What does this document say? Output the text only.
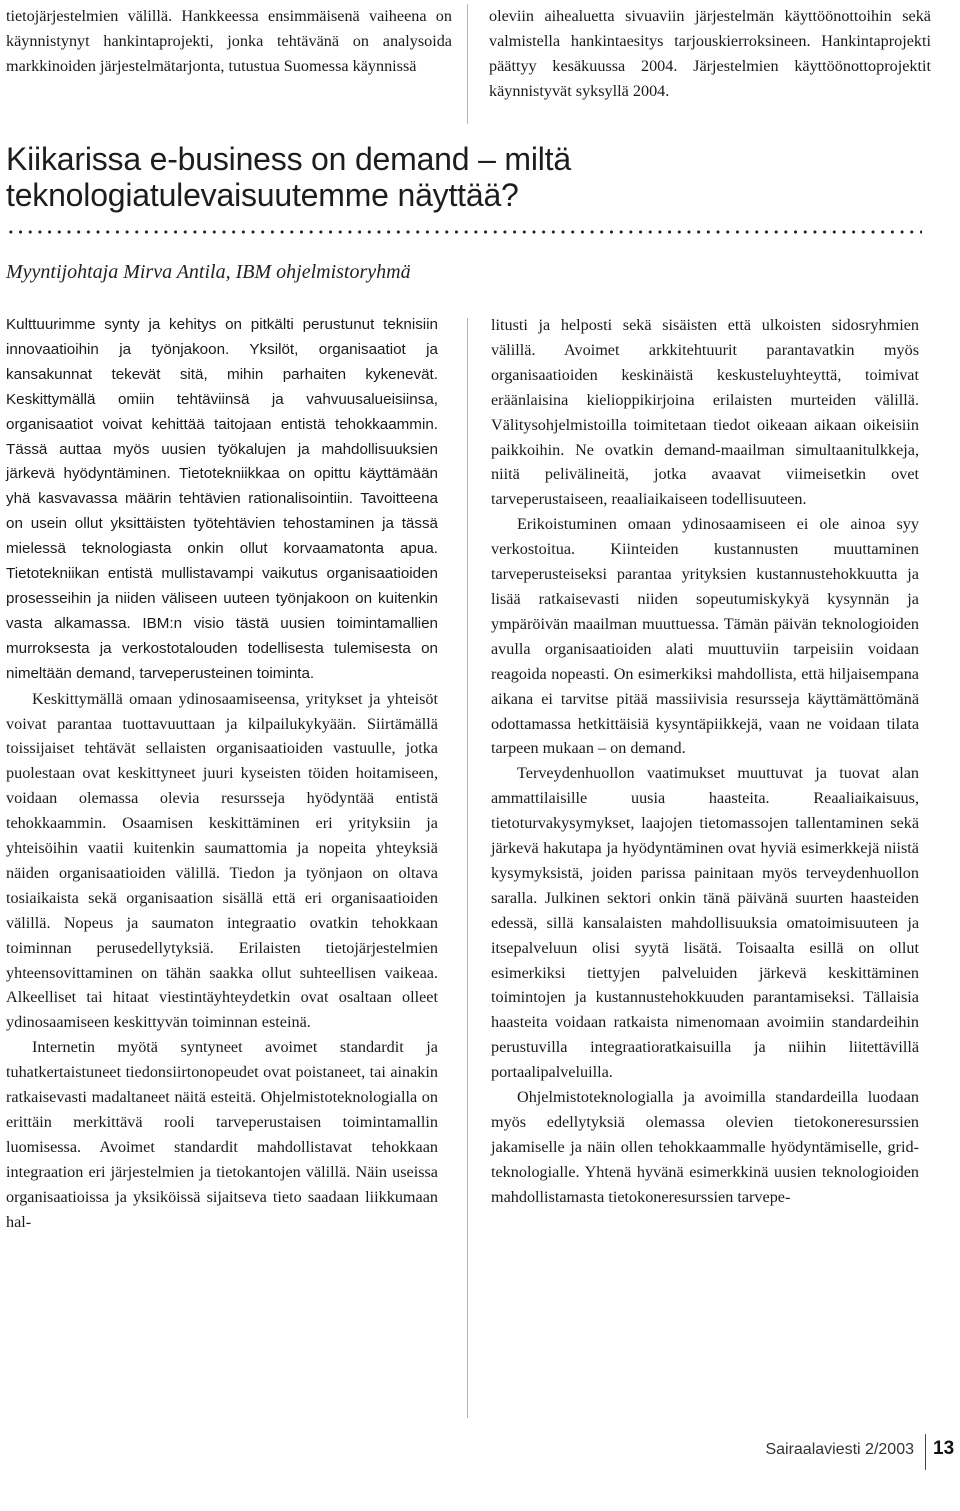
tietojärjestelmien välillä. Hankkeessa ensimmäisenä vaiheena on käynnistynyt hankintaprojekti, jonka tehtävänä on analysoida markkinoiden järjestelmätarjonta, tutustua Suomessa käynnissä

oleviin aihealuetta sivuaviin järjestelmän käyttöönottoihin sekä valmistella hankintaesitys tarjouskierroksineen. Hankintaprojekti päättyy kesäkuussa 2004. Järjestelmien käyttöönottoprojektit käynnistyvät syksyllä 2004.

Kiikarissa e-business on demand – miltä teknologiatulevaisuutemme näyttää?

Myyntijohtaja Mirva Antila, IBM ohjelmistoryhmä

Kulttuurimme synty ja kehitys on pitkälti perustunut teknisiin innovaatioihin ja työnjakoon. Yksilöt, organisaatiot ja kansakunnat tekevät sitä, mihin parhaiten kykenevät. Keskittymällä omiin tehtäviinsä ja vahvuusalueisiinsa, organisaatiot voivat kehittää taitojaan entistä tehokkaammin. Tässä auttaa myös uusien työkalujen ja mahdollisuuksien järkevä hyödyntäminen. Tietotekniikkaa on opittu käyttämään yhä kasvavassa määrin tehtävien rationalisointiin. Tavoitteena on usein ollut yksittäisten työtehtävien tehostaminen ja tässä mielessä teknologiasta onkin ollut korvaamatonta apua. Tietotekniikan entistä mullistavampi vaikutus organisaatioiden prosesseihin ja niiden väliseen uuteen työnjakoon on kuitenkin vasta alkamassa. IBM:n visio tästä uusien toimintamallien murroksesta ja verkostotalouden todellisesta tulemisesta on nimeltään demand, tarveperusteinen toiminta.

Keskittymällä omaan ydinosaamiseensa, yritykset ja yhteisöt voivat parantaa tuottavuuttaan ja kilpailukykyään. Siirtämällä toissijaiset tehtävät sellaisten organisaatioiden vastuulle, jotka puolestaan ovat keskittyneet juuri kyseisten töiden hoitamiseen, voidaan olemassa olevia resursseja hyödyntää entistä tehokkaammin. Osaamisen keskittäminen eri yrityksiin ja yhteisöihin vaatii kuitenkin saumattomia ja nopeita yhteyksiä näiden organisaatioiden välillä. Tiedon ja työnjaon on oltava tosiaikaista sekä organisaation sisällä että eri organisaatioiden välillä. Nopeus ja saumaton integraatio ovatkin tehokkaan toiminnan perusedellytyksiä. Erilaisten tietojärjestelmien yhteensovittaminen on tähän saakka ollut suhteellisen vaikeaa. Alkeelliset tai hitaat viestintäyhteydetkin ovat osaltaan olleet ydinosaamiseen keskittyvän toiminnan esteinä.

Internetin myötä syntyneet avoimet standardit ja tuhatkertaistuneet tiedonsiirtonopeudet ovat poistaneet, tai ainakin ratkaisevasti madaltaneet näitä esteitä. Ohjelmistoteknologialla on erittäin merkittävä rooli tarveperustaisen toimintamallin luomisessa. Avoimet standardit mahdollistavat tehokkaan integraation eri järjestelmien ja tietokantojen välillä. Näin useissa organisaatioissa ja yksiköissä sijaitseva tieto saadaan liikkumaan hal-

litusti ja helposti sekä sisäisten että ulkoisten sidosryhmien välillä. Avoimet arkkitehtuurit parantavatkin myös organisaatioiden keskinäistä keskusteluyhteyttä, toimivat eräänlaisina kielioppikirjoina erilaisten murteiden välillä. Välitysohjelmistoilla toimitetaan tiedot oikeaan aikaan oikeisiin paikkoihin. Ne ovatkin demand-maailman simultaanitulkkeja, niitä pelivälineitä, jotka avaavat viimeisetkin ovet tarveperustaiseen, reaaliaikaiseen todellisuuteen.

Erikoistuminen omaan ydinosaamiseen ei ole ainoa syy verkostoitua. Kiinteiden kustannusten muuttaminen tarveperusteiseksi parantaa yrityksien kustannustehokkuutta ja lisää ratkaisevasti niiden sopeutumiskykyä kysynnän ja ympäröivän maailman muuttuessa. Tämän päivän teknologioiden avulla organisaatioiden alati muuttuviin tarpeisiin voidaan reagoida nopeasti. On esimerkiksi mahdollista, että hiljaisempana aikana ei tarvitse pitää massiivisia resursseja käyttämättömänä odottamassa hetkittäisiä kysyntäpiikkejä, vaan ne voidaan tilata tarpeen mukaan – on demand.

Terveydenhuollon vaatimukset muuttuvat ja tuovat alan ammattilaisille uusia haasteita. Reaaliaikaisuus, tietoturvakysymykset, laajojen tietomassojen tallentaminen sekä järkevä hakutapa ja hyödyntäminen ovat hyviä esimerkkejä niistä kysymyksistä, joiden parissa painitaan myös terveydenhuollon saralla. Julkinen sektori onkin tänä päivänä suurten haasteiden edessä, sillä kansalaisten mahdollisuuksia omatoimisuuteen ja itsepalveluun olisi syytä lisätä. Toisaalta esillä on ollut esimerkiksi tiettyjen palveluiden järkevä keskittäminen toimintojen ja kustannustehokkuuden parantamiseksi. Tällaisia haasteita voidaan ratkaista nimenomaan avoimiin standardeihin perustuvilla integraatioratkaisuilla ja niihin liitettävillä portaalipalveluilla.

Ohjelmistoteknologialla ja avoimilla standardeilla luodaan myös edellytyksiä olemassa olevien tietokoneresurssien jakamiselle ja näin ollen tehokkaammalle hyödyntämiselle, grid-teknologialle. Yhtenä hyvänä esimerkkinä uusien teknologioiden mahdollistamasta tietokoneresurssien tarvepe-

Sairaalaviesti 2/2003 13
